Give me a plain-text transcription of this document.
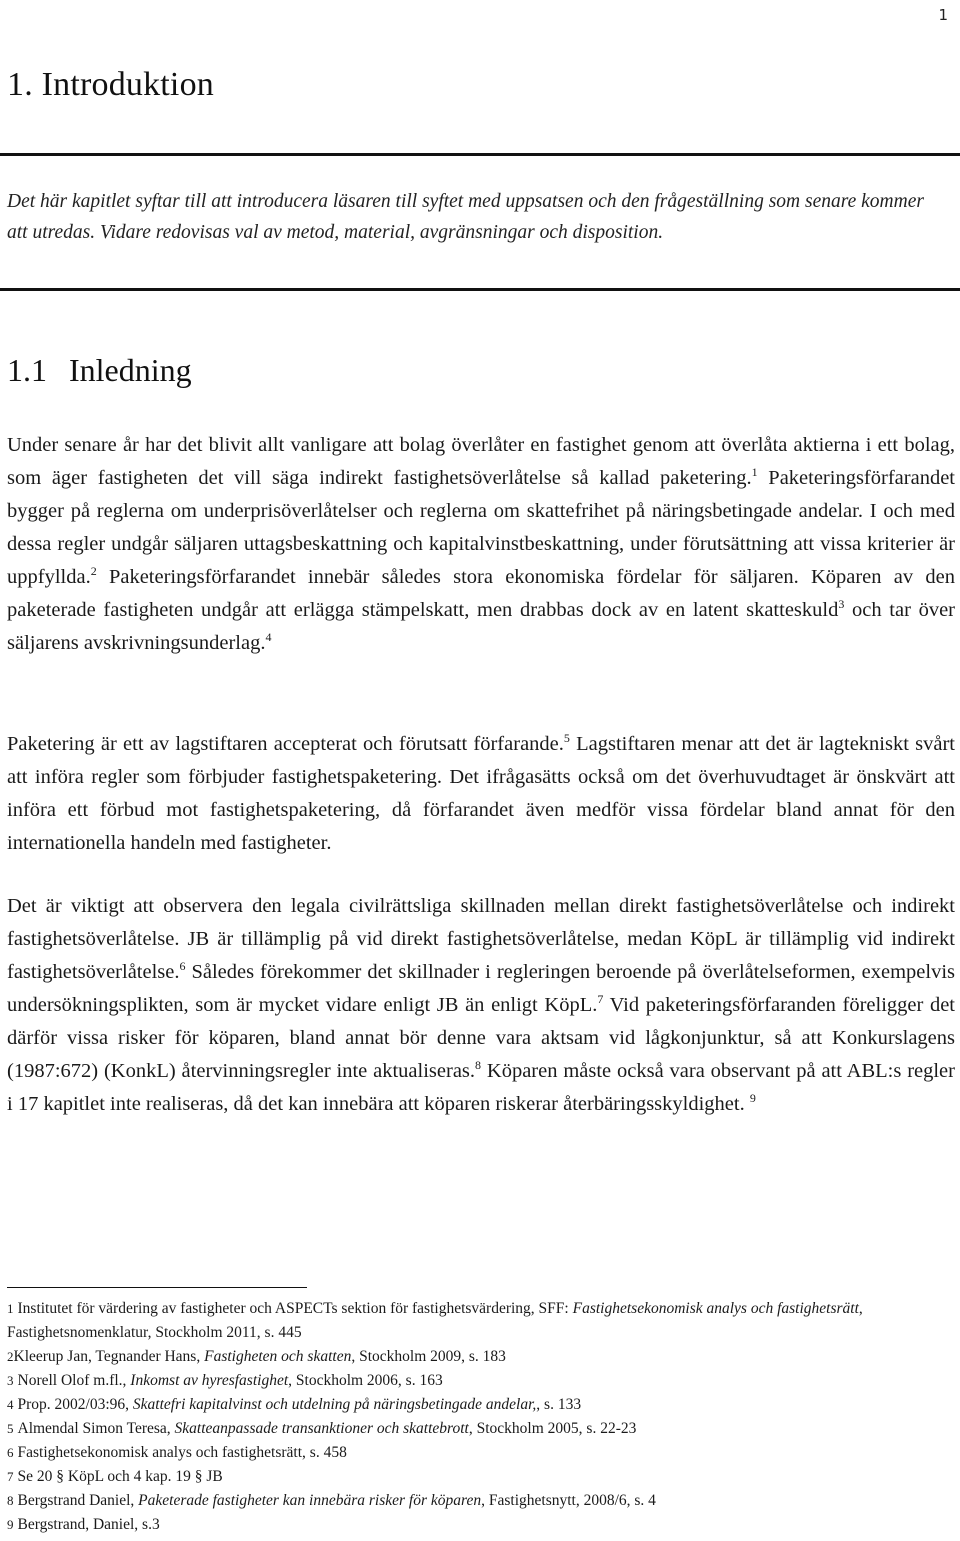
1
1. Introduktion

Det här kapitlet syftar till att introducera läsaren till syftet med uppsatsen och den frågeställning som senare kommer att utredas. Vidare redovisas val av metod, material, avgränsningar och disposition.

1.1 Inledning

Under senare år har det blivit allt vanligare att bolag överlåter en fastighet genom att överlåta aktierna i ett bolag, som äger fastigheten det vill säga indirekt fastighetsöverlåtelse så kallad paketering.$^1$ Paketeringsförfarandet bygger på reglerna om underprisöverlåtelser och reglerna om skattefrihet på näringsbetingade andelar. I och med dessa regler undgår säljaren uttagsbeskattning och kapitalvinstbeskattning, under förutsättning att vissa kriterier är uppfyllda.$^2$ Paketeringsförfarandet innebär således stora ekonomiska fördelar för säljaren. Köparen av den paketerade fastigheten undgår att erlägga stämpelskatt, men drabbas dock av en latent skatteskuld$^3$ och tar över säljarens avskrivningsunderlag.$^4$

Paketering är ett av lagstiftaren accepterat och förutsatt förfarande.$^5$ Lagstiftaren menar att det är lagtekniskt svårt att införa regler som förbjuder fastighetspaketering. Det ifrågasätts också om det överhuvudtaget är önskvärt att införa ett förbud mot fastighetspaketering, då förfarandet även medför vissa fördelar bland annat för den internationella handeln med fastigheter.

Det är viktigt att observera den legala civilrättsliga skillnaden mellan direkt fastighetsöverlåtelse och indirekt fastighetsöverlåtelse. JB är tillämplig på vid direkt fastighetsöverlåtelse, medan KöpL är tillämplig vid indirekt fastighetsöverlåtelse.$^6$ Således förekommer det skillnader i regleringen beroende på överlåtelseformen, exempelvis undersökningsplikten, som är mycket vidare enligt JB än enligt KöpL.$^7$ Vid paketeringsförfaranden föreligger det därför vissa risker för köparen, bland annat bör denne vara aktsam vid lågkonjunktur, så att Konkurslagens (1987:672) (KonkL) återvinningsregler inte aktualiseras.$^8$ Köparen måste också vara observant på att ABL:s regler i 17 kapitlet inte realiseras, då det kan innebära att köparen riskerar återbäringsskyldighet. $^9$

1 Institutet för värdering av fastigheter och ASPECTs sektion för fastighetsvärdering, SFF: Fastighetsekonomisk analys och fastighetsrätt, Fastighetsnomenklatur, Stockholm 2011, s. 445
2Kleerup Jan, Tegnander Hans, Fastigheten och skatten, Stockholm 2009, s. 183
3 Norell Olof m.fl., Inkomst av hyresfastighet, Stockholm 2006, s. 163
4 Prop. 2002/03:96, Skattefri kapitalvinst och utdelning på näringsbetingade andelar,, s. 133
5 Almendal Simon Teresa, Skatteanpassade transanktioner och skattebrott, Stockholm 2005, s. 22-23
6 Fastighetsekonomisk analys och fastighetsrätt, s. 458
7 Se 20 § KöpL och 4 kap. 19 § JB
8 Bergstrand Daniel, Paketerade fastigheter kan innebära risker för köparen, Fastighetsnytt, 2008/6, s. 4
9 Bergstrand, Daniel, s.3
